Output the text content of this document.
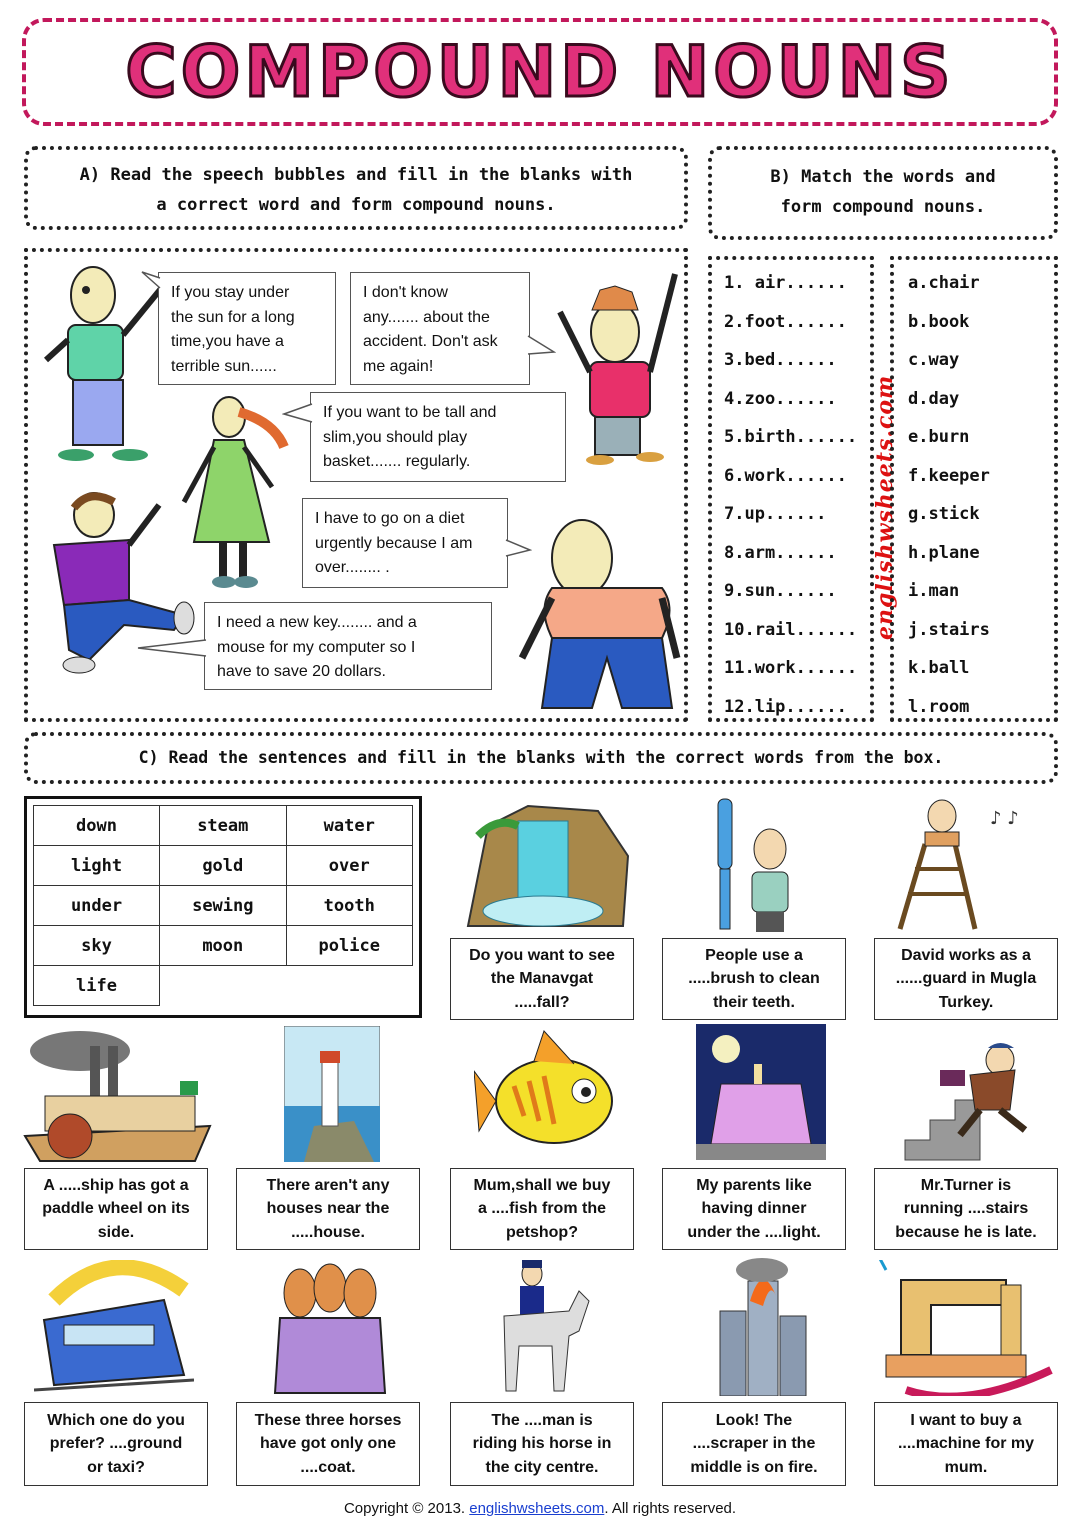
COMPOUND NOUNS
A) Read the speech bubbles and fill in the blanks with
a correct word and form compound nouns.
B) Match the words and
form compound nouns.
If you stay under
the sun for a long
time,you have a
terrible sun......
I don't know
any....... about the
accident. Don't ask
me again!
If you want to be tall and
slim,you should play
basket....... regularly.
I have to go on a diet
urgently because I am
over........ .
I need a new key........ and a
mouse for my computer so I
have to save 20 dollars.
1. air......
2.foot......
3.bed......
4.zoo......
5.birth......
6.work......
7.up......
8.arm......
9.sun......
10.rail......
11.work......
12.lip......
englishwsheets.com
a.chair
b.book
c.way
d.day
e.burn
f.keeper
g.stick
h.plane
i.man
j.stairs
k.ball
l.room
C) Read the sentences and fill in the blanks with the correct words from the box.
down	steam	water
light	gold	over
under	sewing	tooth
sky	moon	police
life		
Do you want to see
the Manavgat
.....fall?
People use a
.....brush to clean
their teeth.
♪ ♪
David works as a
......guard in Mugla
Turkey.
A .....ship has got a
paddle wheel on its
side.
There aren't any
houses near the
.....house.
Mum,shall we buy
a ....fish from the
petshop?
My parents like
having dinner
under the ....light.
Mr.Turner is
running ....stairs
because he is late.
Which one do you
prefer? ....ground
or taxi?
These three horses
have got only one
....coat.
The ....man is
riding his horse in
the city centre.
Look! The
....scraper in the
middle is on fire.
I want to buy a
....machine for my
mum.
Copyright © 2013. englishwsheets.com. All rights reserved.
